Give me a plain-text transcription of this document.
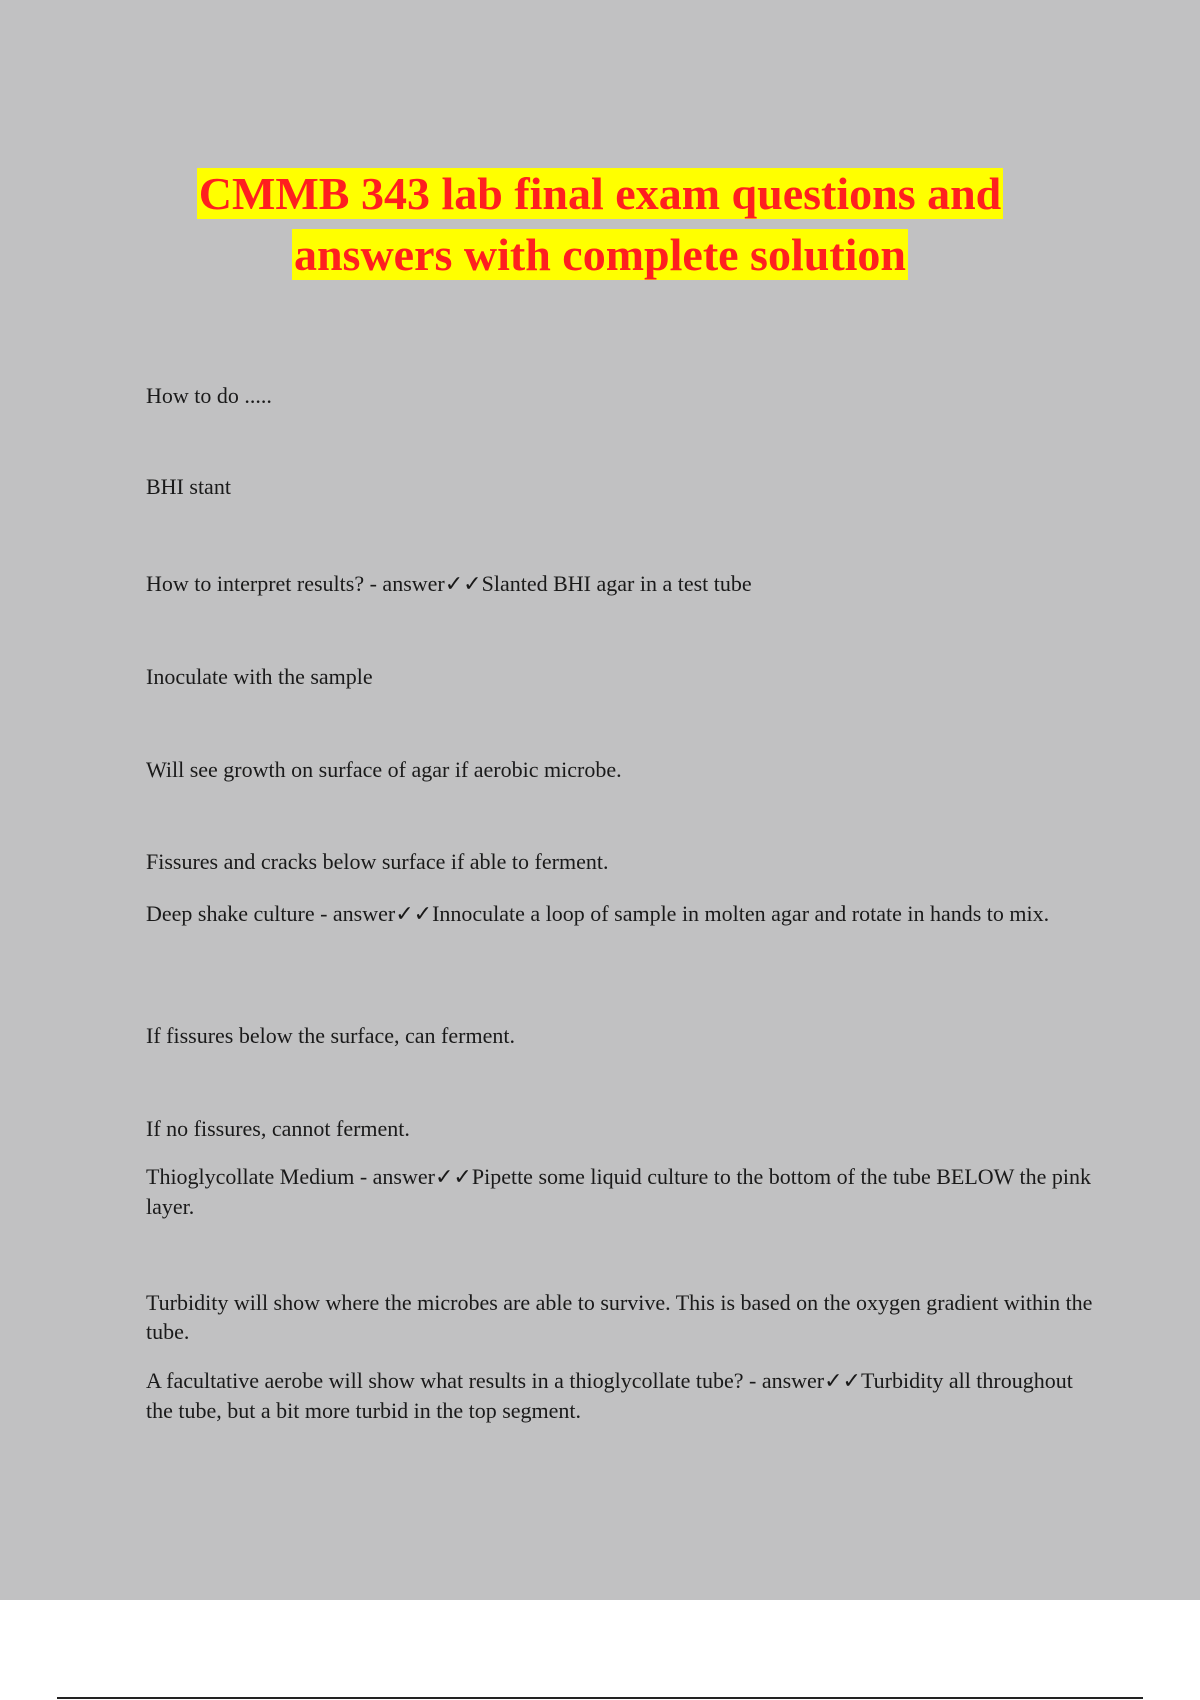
CMMB 343 lab final exam questions and
answers with complete solution

How to do .....

BHI stant

How to interpret results? - answer✓✓Slanted BHI agar in a test tube

Inoculate with the sample

Will see growth on surface of agar if aerobic microbe.

Fissures and cracks below surface if able to ferment.

Deep shake culture - answer✓✓Innoculate a loop of sample in molten agar and rotate in hands to mix.

If fissures below the surface, can ferment.

If no fissures, cannot ferment.

Thioglycollate Medium - answer✓✓Pipette some liquid culture to the bottom of the tube BELOW the pink layer.

Turbidity will show where the microbes are able to survive. This is based on the oxygen gradient within the tube.

A facultative aerobe will show what results in a thioglycollate tube? - answer✓✓Turbidity all throughout the tube, but a bit more turbid in the top segment.
